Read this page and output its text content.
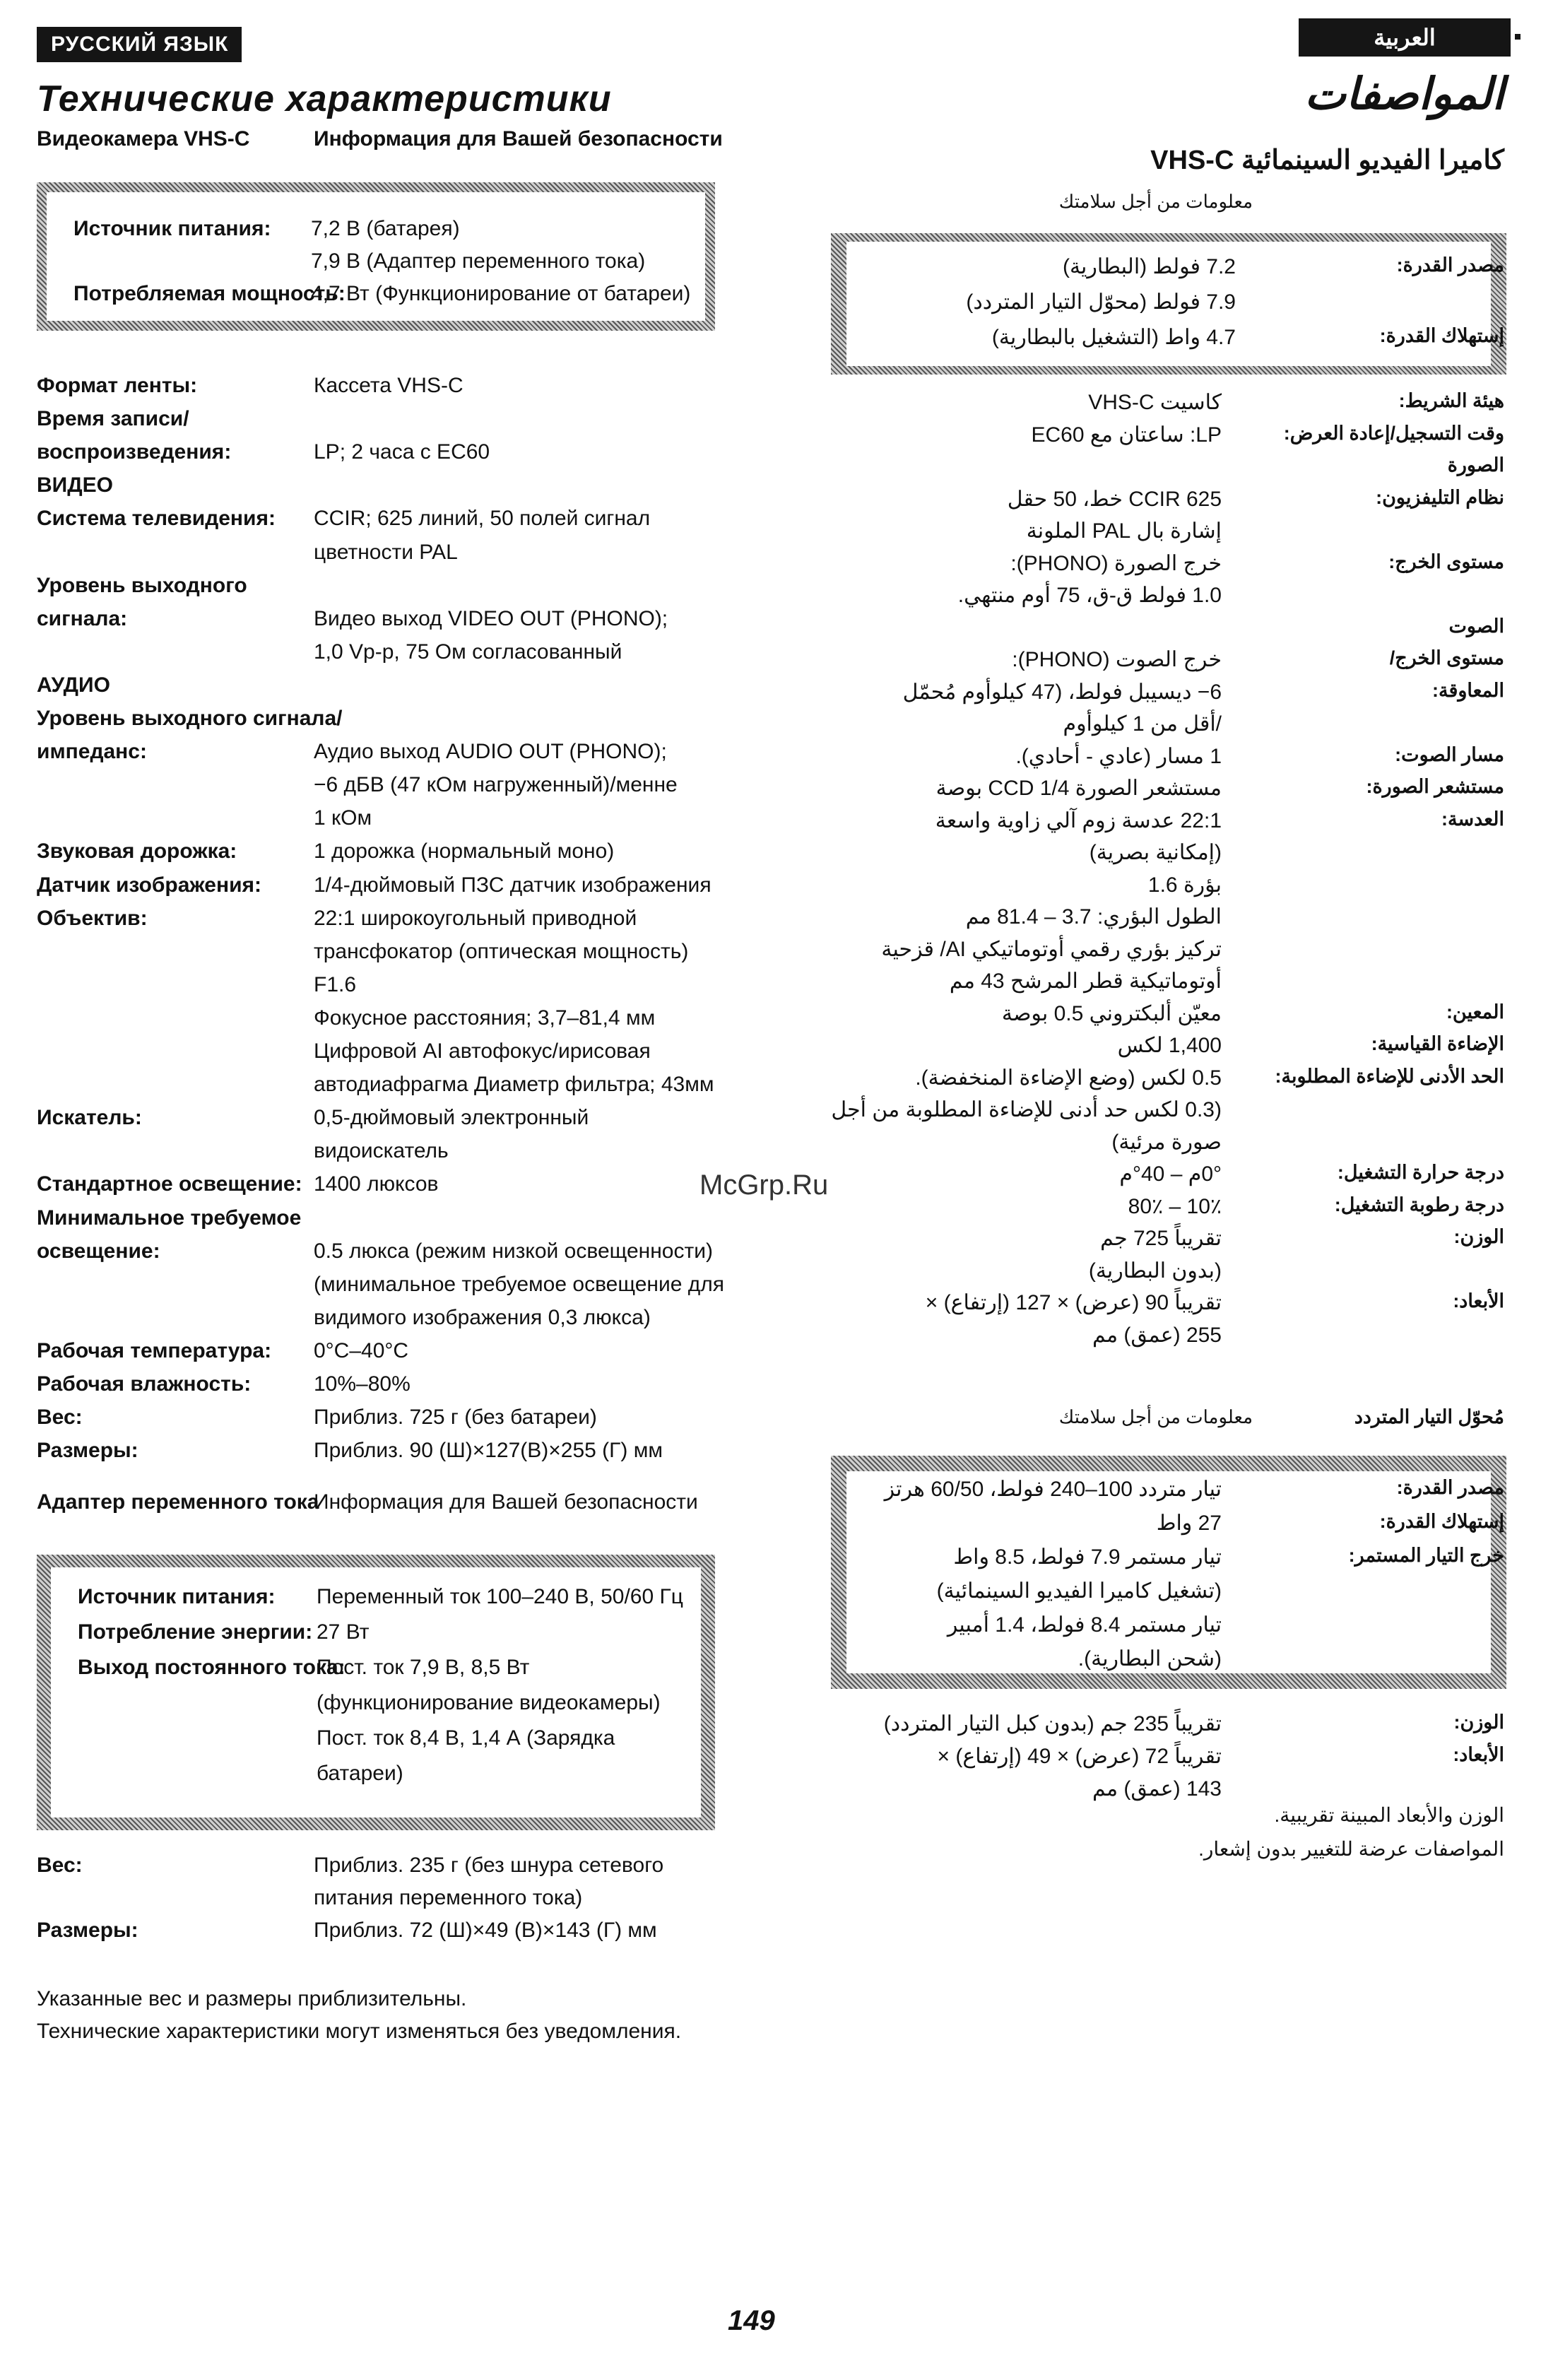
РУССКИЙ ЯЗЫК
Технические характеристики
Видеокамера VHS-C	Информация для Вашей безопасности
Источник питания: 7,2 В (батарея)
7,9 В (Адаптер переменного тока)
Потребляемая мощность:
4,7 Вт (Функционирование от батареи)
Формат ленты:	Кассета VHS-C
Время записи/
воспроизведения:	LP; 2 часа с EC60
ВИДЕО
Система телевидения: CCIR; 625 линий, 50 полей сигнал
цветности PAL
Уровень выходного
сигнала:	Видео выход VIDEO OUT (PHONO);
1,0 Vp-p, 75 Ом согласованный
АУДИО
Уровень выходного сигнала/
импеданс:	Аудио выход AUDIO OUT (PHONO);
−6 дБВ (47 кОм нагруженный)/менне
1 кОм
Звуковая дорожка:	1 дорожка (нормальный моно)
Датчик изображения: 1/4-дюймовый ПЗС датчик изображения
Объектив:	22:1 широкоугольный приводной
трансфокатор (оптическая мощность)
F1.6
Фокусное расстояния; 3,7–81,4 мм
Цифровой AI автофокус/ирисовая
автодиафрагма Диаметр фильтра; 43мм
Искатель:	0,5-дюймовый электронный
видоискатель
Стандартное освещение: 1400 люксов
Минимальное требуемое
освещение:	0.5 люкса (режим низкой освещенности)
(минимальное требуемое освещение для
видимого изображения 0,3 люкса)
Рабочая температура: 0°C–40°C
Рабочая влажность:	10%–80%
Вес:	Приблиз. 725 г (без батареи)
Размеры:	Приблиз. 90 (Ш)×127(В)×255 (Г) мм
Адаптер переменного тока
Информация для Вашей безопасности
Источник питания: Переменный ток 100–240 В, 50/60 Гц
Потребление энергии: 27 Вт
Выход постоянного тока:
Пост. ток 7,9 В, 8,5 Вт
(функционирование видеокамеры)
Пост. ток 8,4 В, 1,4 А (Зарядка
батареи)
Вес:	Приблиз. 235 г (без шнура сетевого
питания переменного тока)
Размеры:	Приблиз. 72 (Ш)×49 (В)×143 (Г) мм
Указанные вес и размеры приблизительны.
Технические характеристики могут изменяться без уведомления.
العربية
المواصفات
كاميرا الفيديو السينمائية VHS-C
معلومات من أجل سلامتك
مصدر القدرة:
7.2 فولط (البطارية)
7.9 فولط (محوّل التيار المتردد)
إستهلاك القدرة:
4.7 واط (التشغيل بالبطارية)
هيئة الشريط:
كاسيت VHS-C
وقت التسجيل/إعادة العرض:
LP: ساعتان مع EC60
الصورة
نظام التليفزيون:
CCIR 625 خط، 50 حقل
إشارة بال PAL الملونة
مستوى الخرج:
خرج الصورة (PHONO):
1.0 فولط ق-ق، 75 أوم منتهي.
الصوت
مستوى الخرج/
خرج الصوت (PHONO):
المعاوقة:
6− ديسيبل فولط، (47 كيلوأوم مُحمّل
/أقل من 1 كيلوأوم
مسار الصوت:
1 مسار (عادي - أحادي).
مستشعر الصورة:
مستشعر الصورة CCD 1/4 بوصة
العدسة:
22:1 عدسة زوم آلي زاوية واسعة
(إمكانية بصرية)
بؤرة 1.6
الطول البؤري: 3.7 – 81.4 مم
تركيز بؤري رقمي أوتوماتيكي AI/ قزحية
أوتوماتيكية قطر المرشح 43 مم
المعين:
معيّن ألبكتروني 0.5 بوصة
الإضاءة القياسية:
1,400 لكس
الحد الأدنى للإضاءة المطلوبة:
0.5 لكس (وضع الإضاءة المنخفضة).
(0.3 لكس حد أدنى للإضاءة المطلوبة من أجل
صورة مرئية)
درجة حرارة التشغيل:
0°م – 40°م
درجة رطوبة التشغيل:
10٪ – 80٪
الوزن:
تقريباً 725 جم
(بدون البطارية)
الأبعاد:
تقريباً 90 (عرض) × 127 (إرتفاع) ×
255 (عمق) مم
مُحوّل التيار المتردد
معلومات من أجل سلامتك
مصدر القدرة:
تيار متردد 100–240 فولط، 60/50 هرتز
إستهلاك القدرة:
27 واط
خرج التيار المستمر:
تيار مستمر 7.9 فولط، 8.5 واط
(تشغيل كاميرا الفيديو السينمائية)
تيار مستمر 8.4 فولط، 1.4 أمبير
(شحن البطارية).
الوزن:
تقريباً 235 جم (بدون كبل التيار المتردد)
الأبعاد:
تقريباً 72 (عرض) × 49 (إرتفاع) ×
143 (عمق) مم
الوزن والأبعاد المبينة تقريبية.
المواصفات عرضة للتغيير بدون إشعار.
McGrp.Ru
149
